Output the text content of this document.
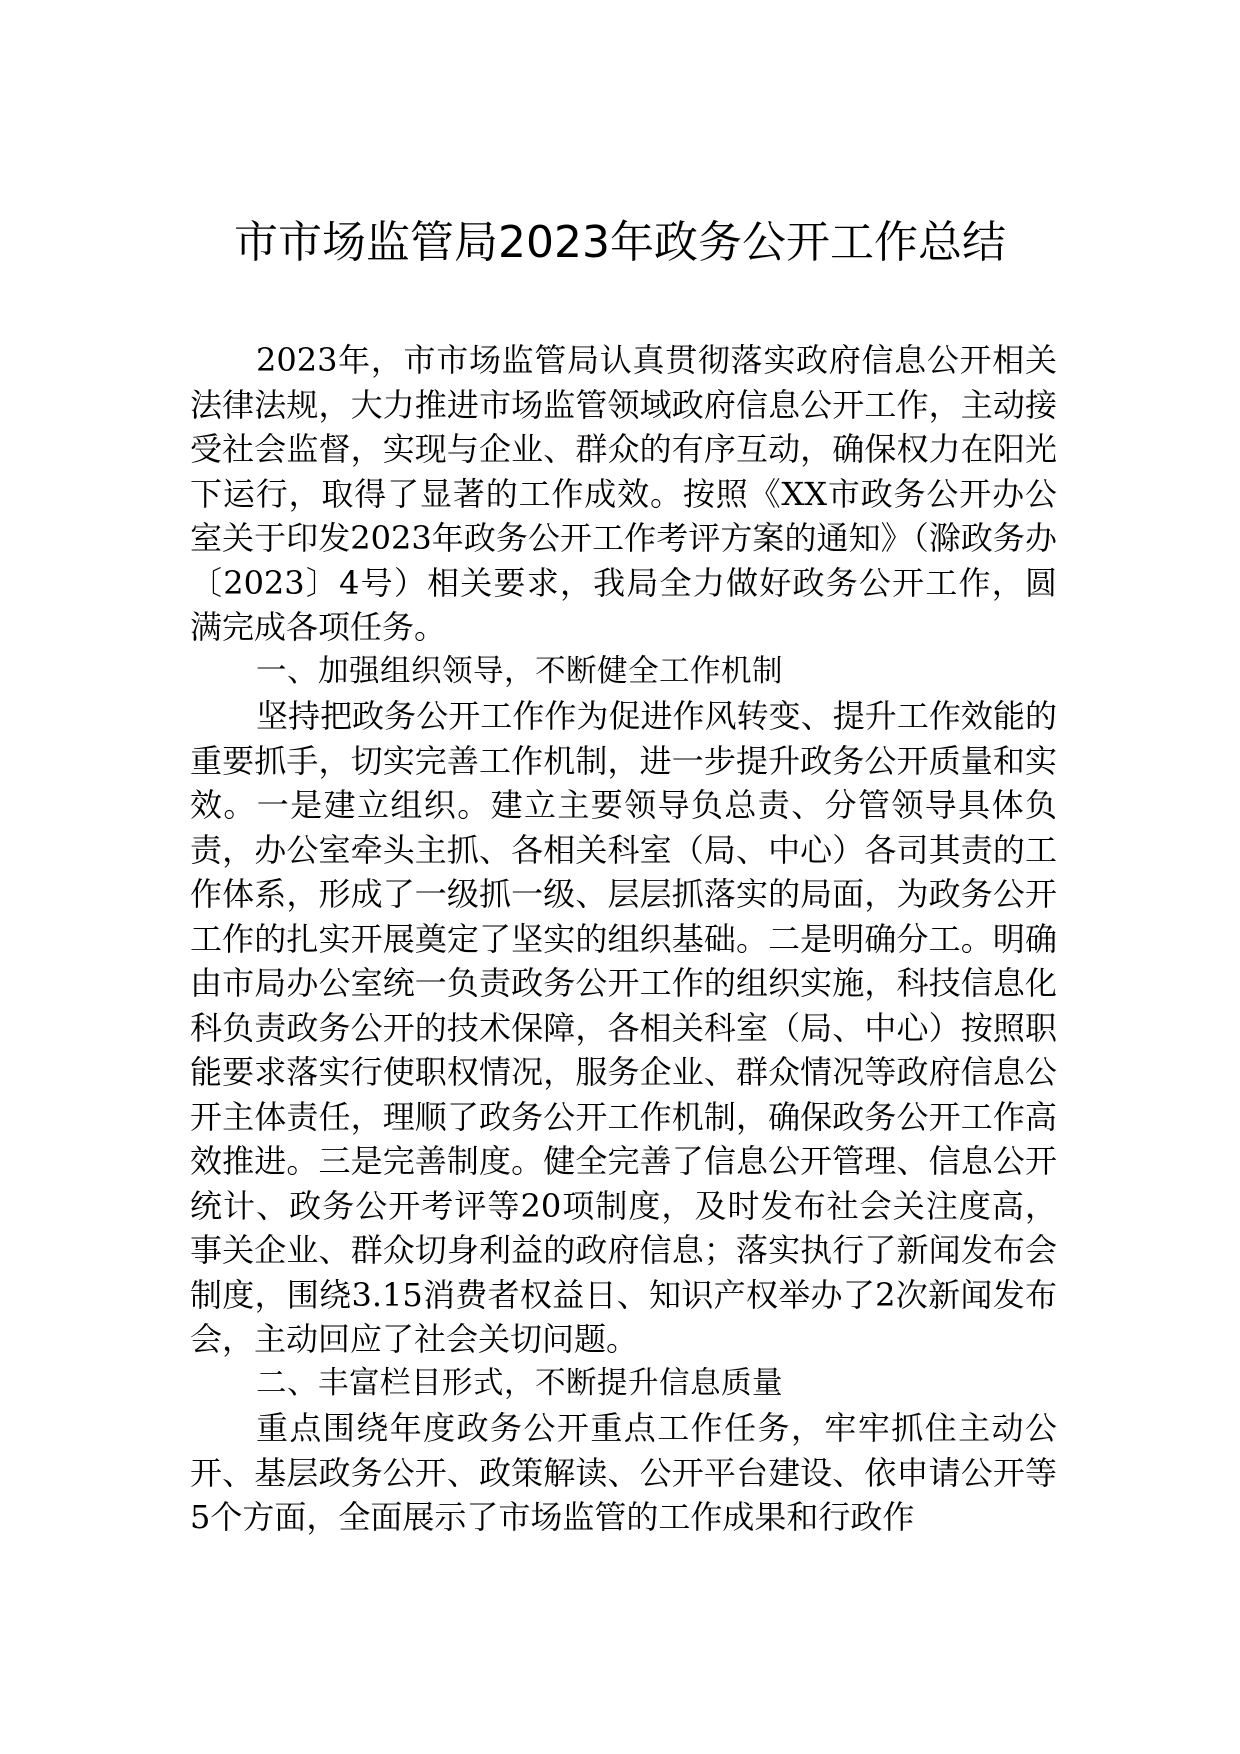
市市场监管局2023年政务公开工作总结

2023年，市市场监管局认真贯彻落实政府信息公开相关法律法规，大力推进市场监管领域政府信息公开工作，主动接受社会监督，实现与企业、群众的有序互动，确保权力在阳光下运行，取得了显著的工作成效。按照《XX市政务公开办公室关于印发2023年政务公开工作考评方案的通知》（滁政务办〔2023〕4号）相关要求，我局全力做好政务公开工作，圆满完成各项任务。

一、加强组织领导，不断健全工作机制

坚持把政务公开工作作为促进作风转变、提升工作效能的重要抓手，切实完善工作机制，进一步提升政务公开质量和实效。一是建立组织。建立主要领导负总责、分管领导具体负责，办公室牵头主抓、各相关科室（局、中心）各司其责的工作体系，形成了一级抓一级、层层抓落实的局面，为政务公开工作的扎实开展奠定了坚实的组织基础。二是明确分工。明确由市局办公室统一负责政务公开工作的组织实施，科技信息化科负责政务公开的技术保障，各相关科室（局、中心）按照职能要求落实行使职权情况，服务企业、群众情况等政府信息公开主体责任，理顺了政务公开工作机制，确保政务公开工作高效推进。三是完善制度。健全完善了信息公开管理、信息公开统计、政务公开考评等20项制度，及时发布社会关注度高，事关企业、群众切身利益的政府信息；落实执行了新闻发布会制度，围绕3.15消费者权益日、知识产权举办了2次新闻发布会，主动回应了社会关切问题。

二、丰富栏目形式，不断提升信息质量

重点围绕年度政务公开重点工作任务，牢牢抓住主动公开、基层政务公开、政策解读、公开平台建设、依申请公开等5个方面，全面展示了市场监管的工作成果和行政作
